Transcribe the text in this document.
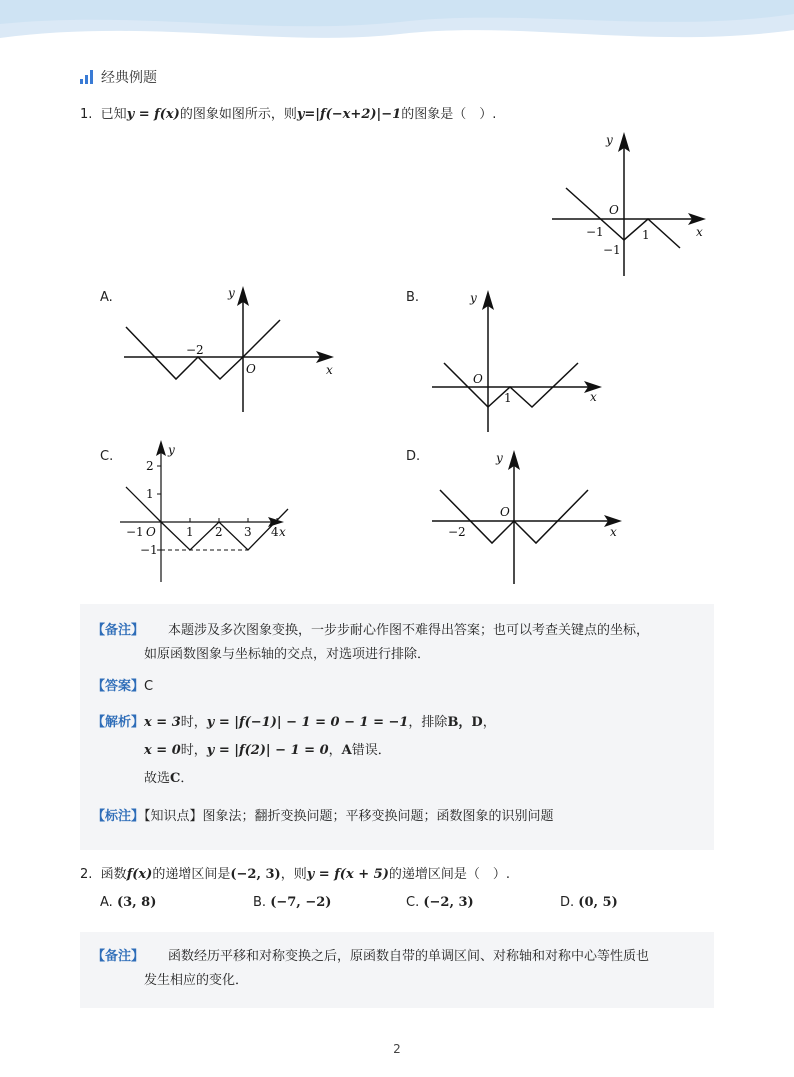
经典例题
1. 已知y = f(x)的图象如图所示，则y=|f(−x+2)|−1的图象是（　）.
y
x
O
−1
−1
1
A.	y
x
O
−2
B.	y
x
O
1
C.	y
x
O
−1	1 2 3 4
2
1
−1
D.	y
x
O
−2
【备注】 本题涉及多次图象变换，一步步耐心作图不难得出答案；也可以考查关键点的坐标，
如原函数图象与坐标轴的交点，对选项进行排除．
【答案】C
【解析】x = 3时，y = |f(−1)| − 1 = 0 − 1 = −1，排除B，D，
x = 0时，y = |f(2)| − 1 = 0，A错误．
故选C．
【标注】【知识点】图象法；翻折变换问题；平移变换问题；函数图象的识别问题
2. 函数f(x)的递增区间是(−2, 3)，则y = f(x + 5)的递增区间是（　）.
A. (3, 8)	B. (−7, −2)	C. (−2, 3)	D. (0, 5)
【备注】 函数经历平移和对称变换之后，原函数自带的单调区间、对称轴和对称中心等性质也
发生相应的变化．
2
